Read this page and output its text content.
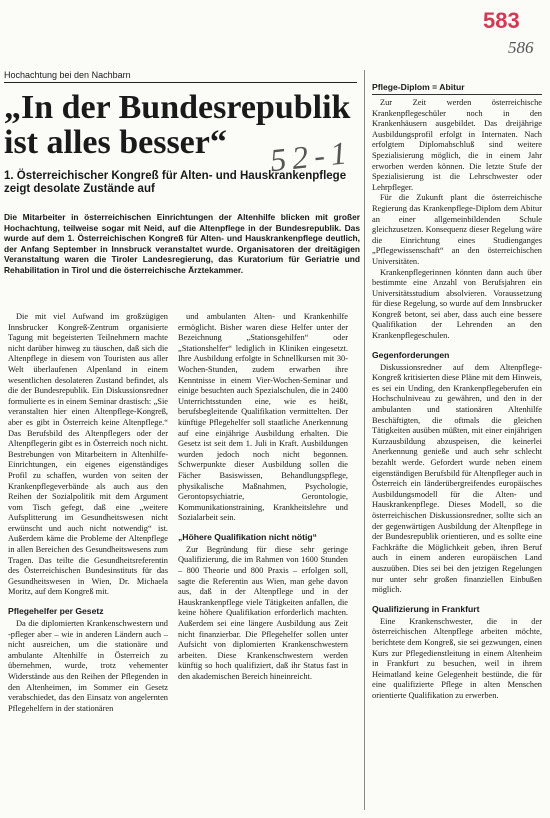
583
586
52-1
Hochachtung bei den Nachbarn
„In der Bundesrepublik ist alles besser“
1. Österreichischer Kongreß für Alten- und Hauskrankenpflege zeigt desolate Zustände auf

Die Mitarbeiter in österreichischen Einrichtungen der Altenhilfe blicken mit großer Hochachtung, teilweise sogar mit Neid, auf die Altenpflege in der Bundesrepublik. Das wurde auf dem 1. Österreichischen Kongreß für Alten- und Hauskrankenpflege deutlich, der Anfang September in Innsbruck veranstaltet wurde. Organisatoren der dreitägigen Veranstaltung waren die Tiroler Landesregierung, das Kuratorium für Geriatrie und Rehabilitation in Tirol und die österreichische Ärztekammer.

Die mit viel Aufwand im großzügigen Innsbrucker Kongreß-Zentrum organisierte Tagung mit begeisterten Teilnehmern machte nicht darüber hinweg zu täuschen, daß sich die Altenpflege in diesem von Touristen aus aller Welt überlaufenen Alpenland in einem wesentlichen desolateren Zustand befindet, als die der Bundesrepublik. Ein Diskussionsredner formulierte es in einem Seminar drastisch: „Sie veranstalten hier einen Altenpflege-Kongreß, aber es gibt in Österreich keine Altenpflege.“ Das Berufsbild des Altenpflegers oder der Altenpflegerin gibt es in Österreich noch nicht. Bestrebungen von Mitarbeitern in Altenhilfe-Einrichtungen, ein eigenes eigenständiges Profil zu schaffen, wurden von seiten der Krankenpflegeverbände als auch aus den Reihen der Sozialpolitik mit dem Argument vom Tisch gefegt, daß eine „weitere Aufsplitterung im Gesundheitswesen nicht erwünscht und auch nicht notwendig“ ist. Außerdem käme die Probleme der Altenpflege in allen Bereichen des Gesundheitswesens zum Tragen. Das teilte die Gesundheitsreferentin des Österreichischen Bundesinstituts für das Gesundheitswesen in Wien, Dr. Michaela Moritz, auf dem Kongreß mit.

Pflegehelfer per Gesetz

Da die diplomierten Krankenschwestern und -pfleger aber – wie in anderen Ländern auch – nicht ausreichen, um die stationäre und ambulante Altenhilfe in Österreich zu übernehmen, wurde, trotz vehementer Widerstände aus den Reihen der Pflegenden in den Altenheimen, im Sommer ein Gesetz verabschiedet, das den Einsatz von angelernten Pflegehelfern in der stationären

und ambulanten Alten- und Krankenhilfe ermöglicht. Bisher waren diese Helfer unter der Bezeichnung „Stationsgehilfen“ oder „Stationshelfer“ lediglich in Kliniken eingesetzt. Ihre Ausbildung erfolgte in Schnellkursen mit 30-Wochen-Stunden, zudem erwarben ihre Kenntnisse in einem Vier-Wochen-Seminar und einige besuchten auch Spezialschulen, die in 2400 Unterrichtsstunden eine, wie es heißt, berufsbegleitende Qualifikation vermittelten. Der künftige Pflegehelfer soll staatliche Anerkennung auf eine einjährige Ausbildung erhalten. Die Gesetz ist seit dem 1. Juli in Kraft. Ausbildungen wurden jedoch noch nicht begonnen. Schwerpunkte dieser Ausbildung sollen die Fächer Basiswissen, Behandlungspflege, physikalische Maßnahmen, Psychologie, Gerontopsychiatrie, Gerontologie, Kommunikationstraining, Krankheitslehre und Sozialarbeit sein.

„Höhere Qualifikation nicht nötig“

Zur Begründung für diese sehr geringe Qualifizierung, die im Rahmen von 1600 Stunden – 800 Theorie und 800 Praxis – erfolgen soll, sagte die Referentin aus Wien, man gehe davon aus, daß in der Altenpflege und in der Hauskrankenpflege viele Tätigkeiten anfallen, die keine höhere Qualifikation erforderlich machten. Außerdem sei eine längere Ausbildung aus Zeit nicht finanzierbar. Die Pflegehelfer sollen unter Aufsicht von diplomierten Krankenschwestern arbeiten. Diese Krankenschwestern werden künftig so hoch qualifiziert, daß ihr Status fast in den akademischen Bereich hineinreicht.

Pflege-Diplom = Abitur

Zur Zeit werden österreichische Krankenpflegeschüler noch in den Krankenhäusern ausgebildet. Das dreijährige Ausbildungsprofil erfolgt in Internaten. Nach erfolgtem Diplomabschluß sind weitere Spezialisierung möglich, die in einem Jahr erworben werden können. Die letzte Stufe der Spezialisierung ist die Lehrschwester oder Lehrpfleger.

Für die Zukunft plant die österreichische Regierung das Krankenpflege-Diplom dem Abitur an einer allgemeinbildenden Schule gleichzusetzen. Konsequenz dieser Regelung wäre die Einrichtung eines Studienganges „Pflegewissenschaft“ an den österreichischen Universitäten.

Krankenpflegerinnen könnten dann auch über bestimmte eine Anzahl von Berufsjahren ein Universitätsstudium absolvieren. Voraussetzung für diese Regelung, so wurde auf dem Innsbrucker Kongreß betont, sei aber, dass auch eine bessere Qualifikation der Lehrenden an den Krankenpflegeschulen.

Gegenforderungen

Diskussionsredner auf dem Altenpflege-Kongreß kritisierten diese Pläne mit dem Hinweis, es sei ein Unding, den Krankenpflegeberufen ein Hochschulniveau zu gewähren, und den in der ambulanten und stationären Altenhilfe Beschäftigten, die oftmals die gleichen Tätigkeiten ausüben müßten, mit einer einjährigen Kurzausbildung abzuspeisen, die keinerlei Anerkennung genieße und auch sehr schlecht bezahlt werde. Gefordert wurde neben einem eigenständigen Berufsbild für Altenpfleger auch in Österreich ein länderübergreifendes europäisches Ausbildungsmodell für die Alten- und Hauskrankenpflege. Dieses Modell, so die österreichischen Diskussionsredner, sollte sich an der gegenwärtigen Ausbildung der Altenpflege in der Bundesrepublik orientieren, und es sollte eine Fachkräfte die Möglichkeit geben, ihren Beruf auch in einem anderen europäischen Land auszuüben. Dies sei bei den jetzigen Regelungen nur unter sehr großen finanziellen Einbußen möglich.

Qualifizierung in Frankfurt

Eine Krankenschwester, die in der österreichischen Altenpflege arbeiten möchte, berichtete dem Kongreß, sie sei gezwungen, einen Kurs zur Pflegedienstleitung in einem Altenheim in Frankfurt zu besuchen, weil in ihrem Heimatland keine Gelegenheit bestünde, die für eine qualifizierte Pflege in alten Menschen orientierte Qualifikation zu erwerben.
